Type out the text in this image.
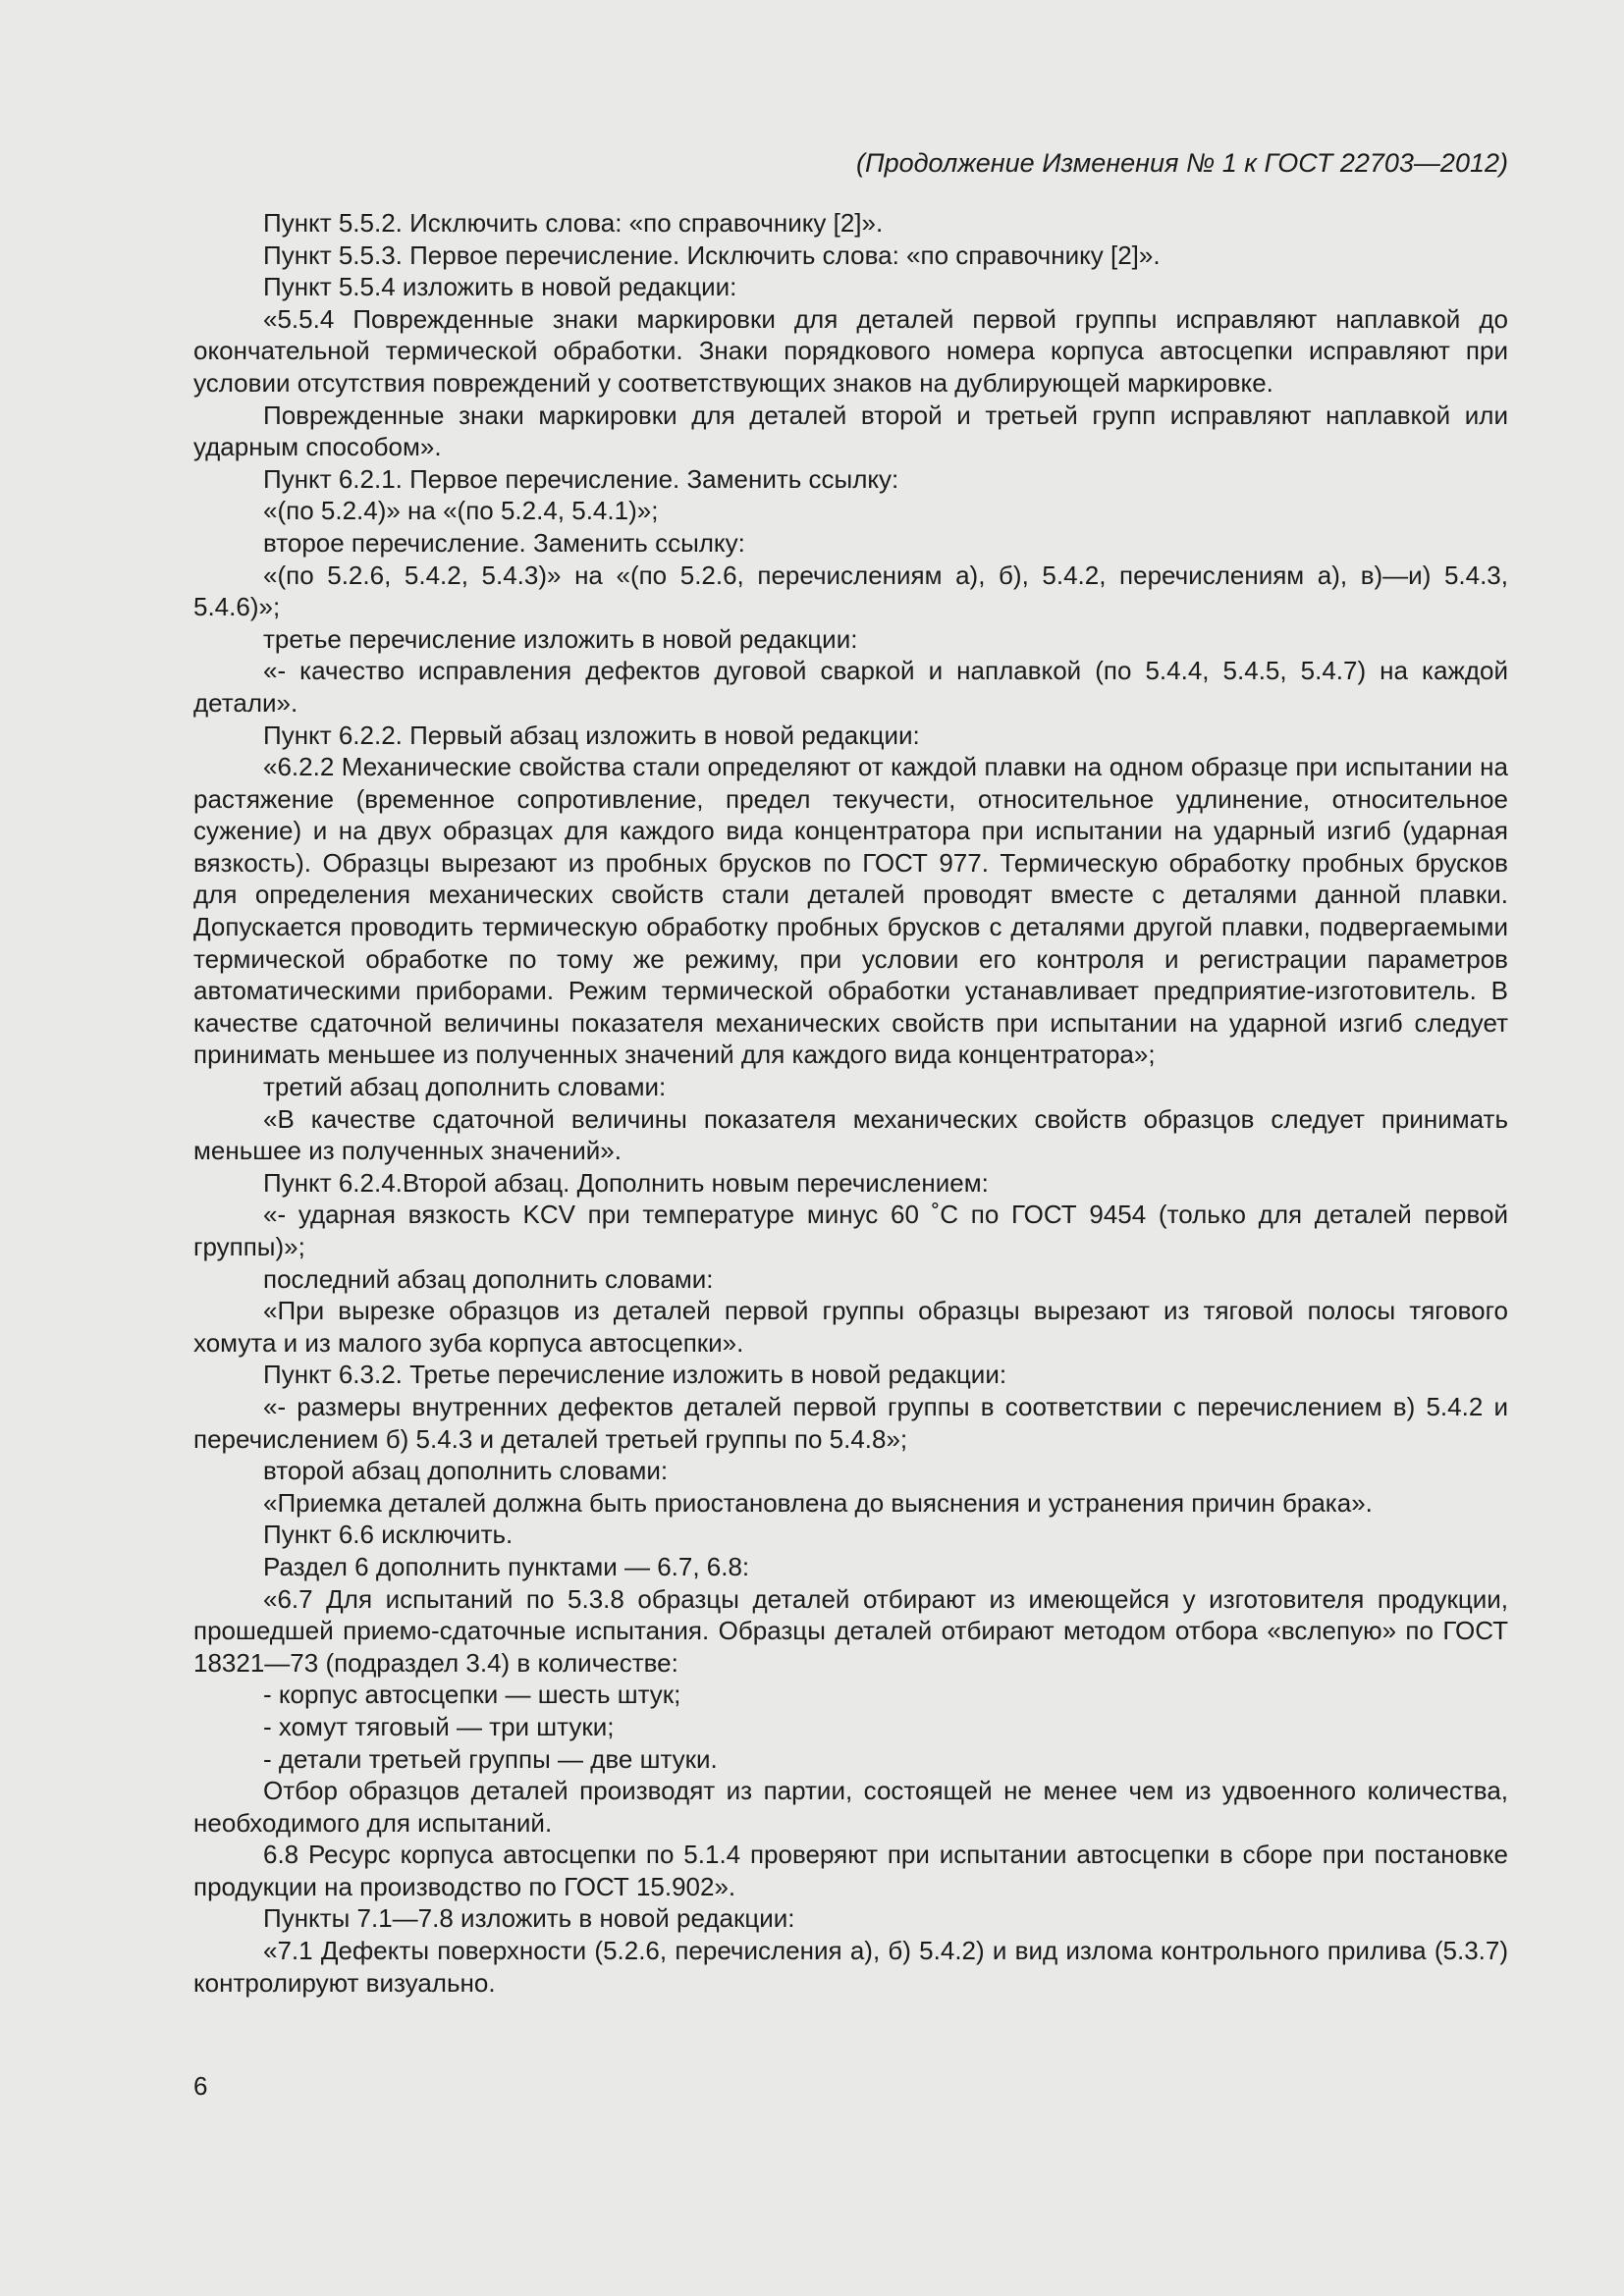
(Продолжение Изменения № 1 к ГОСТ 22703—2012)

Пункт 5.5.2. Исключить слова: «по справочнику [2]».

Пункт 5.5.3. Первое перечисление. Исключить слова: «по справочнику [2]».

Пункт 5.5.4 изложить в новой редакции:

«5.5.4 Поврежденные знаки маркировки для деталей первой группы исправляют наплавкой до окончательной термической обработки. Знаки порядкового номера корпуса автосцепки исправляют при условии отсутствия повреждений у соответствующих знаков на дублирующей маркировке.

Поврежденные знаки маркировки для деталей второй и третьей групп исправляют наплавкой или ударным способом».

Пункт 6.2.1. Первое перечисление. Заменить ссылку:

«(по 5.2.4)» на «(по 5.2.4, 5.4.1)»;

второе перечисление. Заменить ссылку:

«(по 5.2.6, 5.4.2, 5.4.3)» на «(по 5.2.6, перечислениям а), б), 5.4.2, перечислениям а), в)—и) 5.4.3, 5.4.6)»;

третье перечисление изложить в новой редакции:

«- качество исправления дефектов дуговой сваркой и наплавкой (по 5.4.4, 5.4.5, 5.4.7) на каждой детали».

Пункт 6.2.2. Первый абзац изложить в новой редакции:

«6.2.2 Механические свойства стали определяют от каждой плавки на одном образце при испытании на растяжение (временное сопротивление, предел текучести, относительное удлинение, относительное сужение) и на двух образцах для каждого вида концентратора при испытании на ударный изгиб (ударная вязкость). Образцы вырезают из пробных брусков по ГОСТ 977. Термическую обработку пробных брусков для определения механических свойств стали деталей проводят вместе с деталями данной плавки. Допускается проводить термическую обработку пробных брусков с деталями другой плавки, подвергаемыми термической обработке по тому же режиму, при условии его контроля и регистрации параметров автоматическими приборами. Режим термической обработки устанавливает предприятие-изготовитель. В качестве сдаточной величины показателя механических свойств при испытании на ударной изгиб следует принимать меньшее из полученных значений для каждого вида концентратора»;

третий абзац дополнить словами:

«В качестве сдаточной величины показателя механических свойств образцов следует принимать меньшее из полученных значений».

Пункт 6.2.4.Второй абзац. Дополнить новым перечислением:

«- ударная вязкость KCV при температуре минус 60 ˚С по ГОСТ 9454 (только для деталей первой группы)»;

последний абзац дополнить словами:

«При вырезке образцов из деталей первой группы образцы вырезают из тяговой полосы тягового хомута и из малого зуба корпуса автосцепки».

Пункт 6.3.2. Третье перечисление изложить в новой редакции:

«- размеры внутренних дефектов деталей первой группы в соответствии с перечислением в) 5.4.2 и перечислением б) 5.4.3 и деталей третьей группы по 5.4.8»;

второй абзац дополнить словами:

«Приемка деталей должна быть приостановлена до выяснения и устранения причин брака».

Пункт 6.6 исключить.

Раздел 6 дополнить пунктами — 6.7, 6.8:

«6.7 Для испытаний по 5.3.8 образцы деталей отбирают из имеющейся у изготовителя продукции, прошедшей приемо-сдаточные испытания. Образцы деталей отбирают методом отбора «вслепую» по ГОСТ 18321—73 (подраздел 3.4) в количестве:

- корпус автосцепки — шесть штук;

- хомут тяговый — три штуки;

- детали третьей группы — две штуки.

Отбор образцов деталей производят из партии, состоящей не менее чем из удвоенного количества, необходимого для испытаний.

6.8 Ресурс корпуса автосцепки по 5.1.4 проверяют при испытании автосцепки в сборе при постановке продукции на производство по ГОСТ 15.902».

Пункты 7.1—7.8 изложить в новой редакции:

«7.1 Дефекты поверхности (5.2.6, перечисления а), б) 5.4.2) и вид излома контрольного прилива (5.3.7) контролируют визуально.

6
